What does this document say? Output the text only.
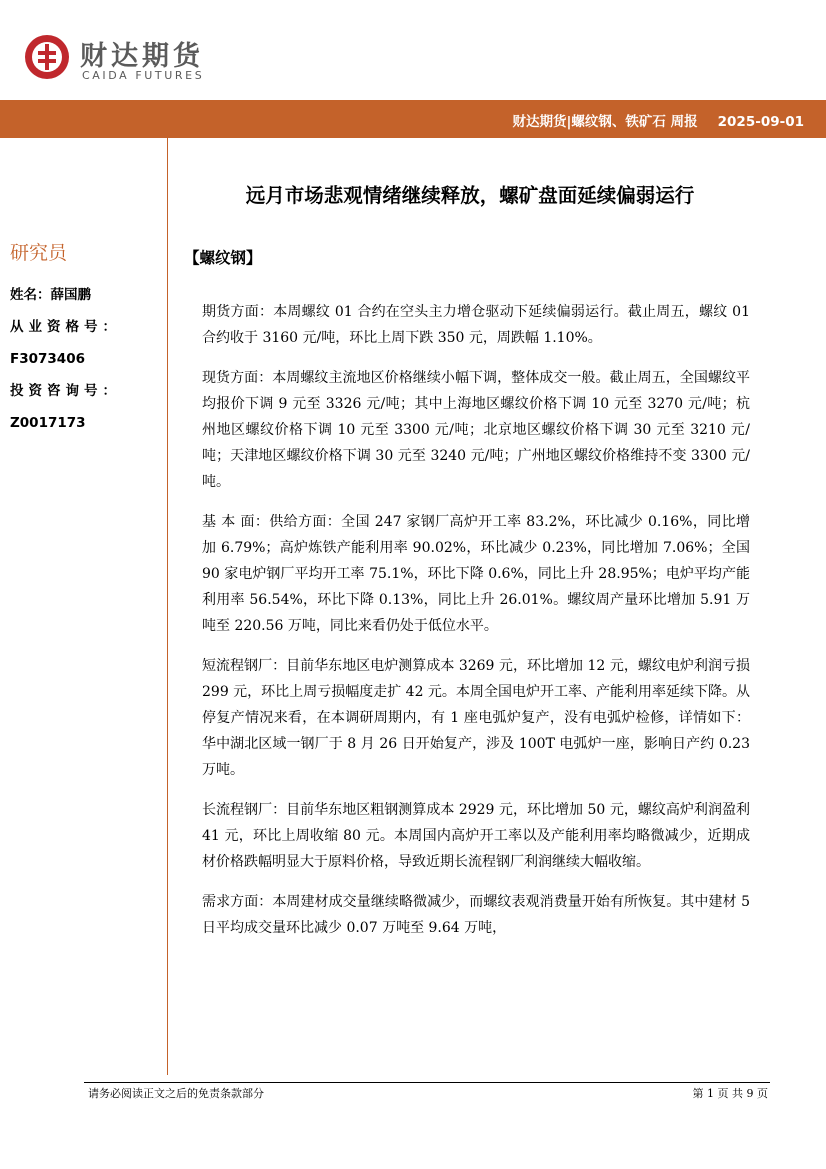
财达期货
CAIDA FUTURES
财达期货|螺纹钢、铁矿石 周报 2025-09-01
研究员
姓名：薛国鹏
从业资格号：
F3073406
投资咨询号：
Z0017173
远月市场悲观情绪继续释放，螺矿盘面延续偏弱运行
【螺纹钢】

期货方面：本周螺纹 01 合约在空头主力增仓驱动下延续偏弱运行。截止周五，螺纹 01 合约收于 3160 元/吨，环比上周下跌 350 元，周跌幅 1.10%。

现货方面：本周螺纹主流地区价格继续小幅下调，整体成交一般。截止周五，全国螺纹平均报价下调 9 元至 3326 元/吨；其中上海地区螺纹价格下调 10 元至 3270 元/吨；杭州地区螺纹价格下调 10 元至 3300 元/吨；北京地区螺纹价格下调 30 元至 3210 元/吨；天津地区螺纹价格下调 30 元至 3240 元/吨；广州地区螺纹价格维持不变 3300 元/吨。

基 本 面：供给方面：全国 247 家钢厂高炉开工率 83.2%，环比减少 0.16%，同比增加 6.79%；高炉炼铁产能利用率 90.02%，环比减少 0.23%，同比增加 7.06%；全国 90 家电炉钢厂平均开工率 75.1%，环比下降 0.6%，同比上升 28.95%；电炉平均产能利用率 56.54%，环比下降 0.13%，同比上升 26.01%。螺纹周产量环比增加 5.91 万吨至 220.56 万吨，同比来看仍处于低位水平。

短流程钢厂：目前华东地区电炉测算成本 3269 元，环比增加 12 元，螺纹电炉利润亏损 299 元，环比上周亏损幅度走扩 42 元。本周全国电炉开工率、产能利用率延续下降。从停复产情况来看，在本调研周期内，有 1 座电弧炉复产，没有电弧炉检修，详情如下：华中湖北区域一钢厂于 8 月 26 日开始复产，涉及 100T 电弧炉一座，影响日产约 0.23 万吨。

长流程钢厂：目前华东地区粗钢测算成本 2929 元，环比增加 50 元，螺纹高炉利润盈利 41 元，环比上周收缩 80 元。本周国内高炉开工率以及产能利用率均略微减少，近期成材价格跌幅明显大于原料价格，导致近期长流程钢厂利润继续大幅收缩。

需求方面：本周建材成交量继续略微减少，而螺纹表观消费量开始有所恢复。其中建材 5 日平均成交量环比减少 0.07 万吨至 9.64 万吨，

请务必阅读正文之后的免责条款部分	第 1 页 共 9 页
